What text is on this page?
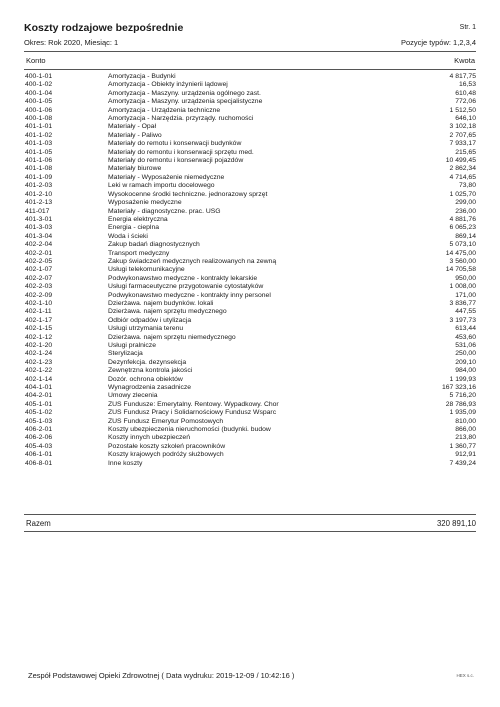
Koszty rodzajowe bezpośrednie	Str. 1
Okres: Rok 2020, Miesiąc: 1	Pozycje typów: 1,2,3,4
Konto	Kwota
400-1-01	Amortyzacja - Budynki	4 817,75
400-1-02	Amortyzacja - Obiekty inżynierii lądowej	16,53
400-1-04	Amortyzacja - Maszyny. urządzenia ogólnego zast.	610,48
400-1-05	Amortyzacja - Maszyny. urządzenia specjalistyczne	772,06
400-1-06	Amortyzacja - Urządzenia techniczne	1 512,50
400-1-08	Amortyzacja - Narzędzia. przyrządy. ruchomości	646,10
401-1-01	Materiały - Opał	3 102,18
401-1-02	Materiały - Paliwo	2 707,65
401-1-03	Materiały do remotu i konserwacji budynków	7 933,17
401-1-05	Materiały do remontu i konserwacji sprzętu med.	215,65
401-1-06	Materiały do remontu i konserwacji pojazdów	10 499,45
401-1-08	Materiały biurowe	2 862,34
401-1-09	Materiały - Wyposażenie niemedyczne	4 714,65
401-2-03	Leki w ramach importu docelowego	73,80
401-2-10	Wysokocenne środki techniczne. jednorazowy sprzęt	1 025,70
401-2-13	Wyposażenie medyczne	299,00
411-017	Materiały - diagnostyczne. prac. USG	236,00
401-3-01	Energia elektryczna	4 881,76
401-3-03	Energia - cieplna	6 065,23
401-3-04	Woda i ścieki	869,14
402-2-04	Zakup badań diagnostycznych	5 073,10
402-2-01	Transport medyczny	14 475,00
402-2-05	Zakup świadczeń medycznych realizowanych na zewną	3 560,00
402-1-07	Usługi telekomunikacyjne	14 705,58
402-2-07	Podwykonawstwo medyczne - kontrakty lekarskie	950,00
402-2-03	Usługi farmaceutyczne przygotowanie cytostatyków	1 008,00
402-2-09	Podwykonawstwo medyczne - kontrakty inny personel	171,00
402-1-10	Dzierżawa. najem budynków. lokali	3 836,77
402-1-11	Dzierżawa. najem sprzętu medycznego	447,55
402-1-17	Odbiór odpadów i utylizacja	3 197,73
402-1-15	Usługi utrzymania terenu	613,44
402-1-12	Dzierżawa. najem sprzętu niemedycznego	453,60
402-1-20	Usługi pralnicze	531,06
402-1-24	Sterylizacja	250,00
402-1-23	Dezynfekcja. dezynsekcja	209,10
402-1-22	Zewnętrzna kontrola jakości	984,00
402-1-14	Dozór. ochrona obiektów	1 199,93
404-1-01	Wynagrodzenia zasadnicze	167 323,16
404-2-01	Umowy zlecenia	5 716,20
405-1-01	ZUS Fundusze: Emerytalny. Rentowy. Wypadkowy. Chor	28 786,93
405-1-02	ZUS Fundusz Pracy i Solidarnościowy Fundusz Wsparc	1 935,09
405-1-03	ZUS Fundusz Emerytur Pomostowych	810,00
406-2-01	Koszty ubezpieczenia nieruchomości (budynki. budow	866,00
406-2-06	Koszty innych ubezpieczeń	213,80
405-4-03	Pozostałe koszty szkoleń pracowników	1 360,77
406-1-01	Koszty krajowych podróży służbowych	912,91
406-8-01	Inne koszty	7 439,24
Razem	320 891,10
Zespół Podstawowej Opieki Zdrowotnej ( Data wydruku: 2019-12-09 / 10:42:16 )	HEX s.c.
